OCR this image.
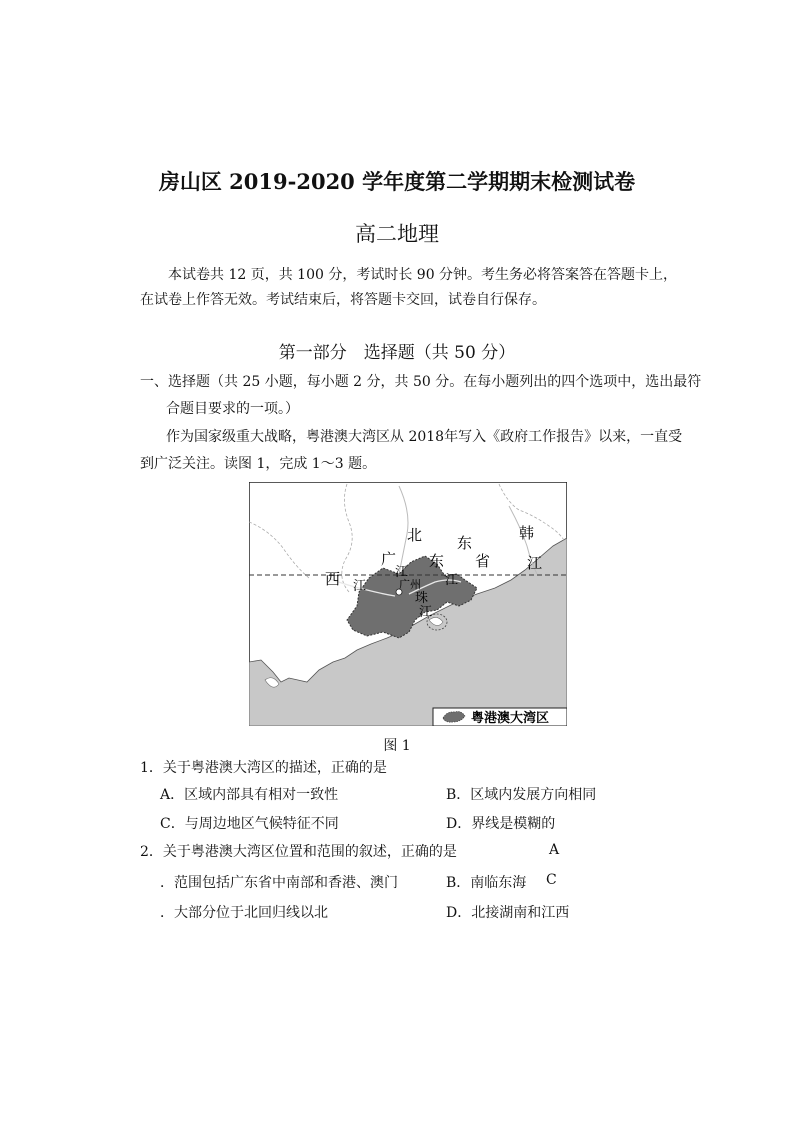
房山区 2019-2020 学年度第二学期期末检测试卷
高二地理
本试卷共 12 页，共 100 分，考试时长 90 分钟。考生务必将答案答在答题卡上，
在试卷上作答无效。考试结束后，将答题卡交回，试卷自行保存。
第一部分　选择题（共 50 分）
一、选择题（共 25 小题，每小题 2 分，共 50 分。在每小题列出的四个选项中，选出最符
合题目要求的一项。）
作为国家级重大战略，粤港澳大湾区从 2018年写入《政府工作报告》以来，一直受
到广泛关注。读图 1，完成 1～3 题。
北 东
省
韩
江
广
江
东
江
西 江	广州
珠
江
粤港澳大湾区
图 1
1．关于粤港澳大湾区的描述，正确的是
A．区域内部具有相对一致性	B．区域内发展方向相同
C．与周边地区气候特征不同	D．界线是模糊的
2．关于粤港澳大湾区位置和范围的叙述，正确的是	A
．范围包括广东省中南部和香港、澳门	B．南临东海 C
．大部分位于北回归线以北	D．北接湖南和江西
